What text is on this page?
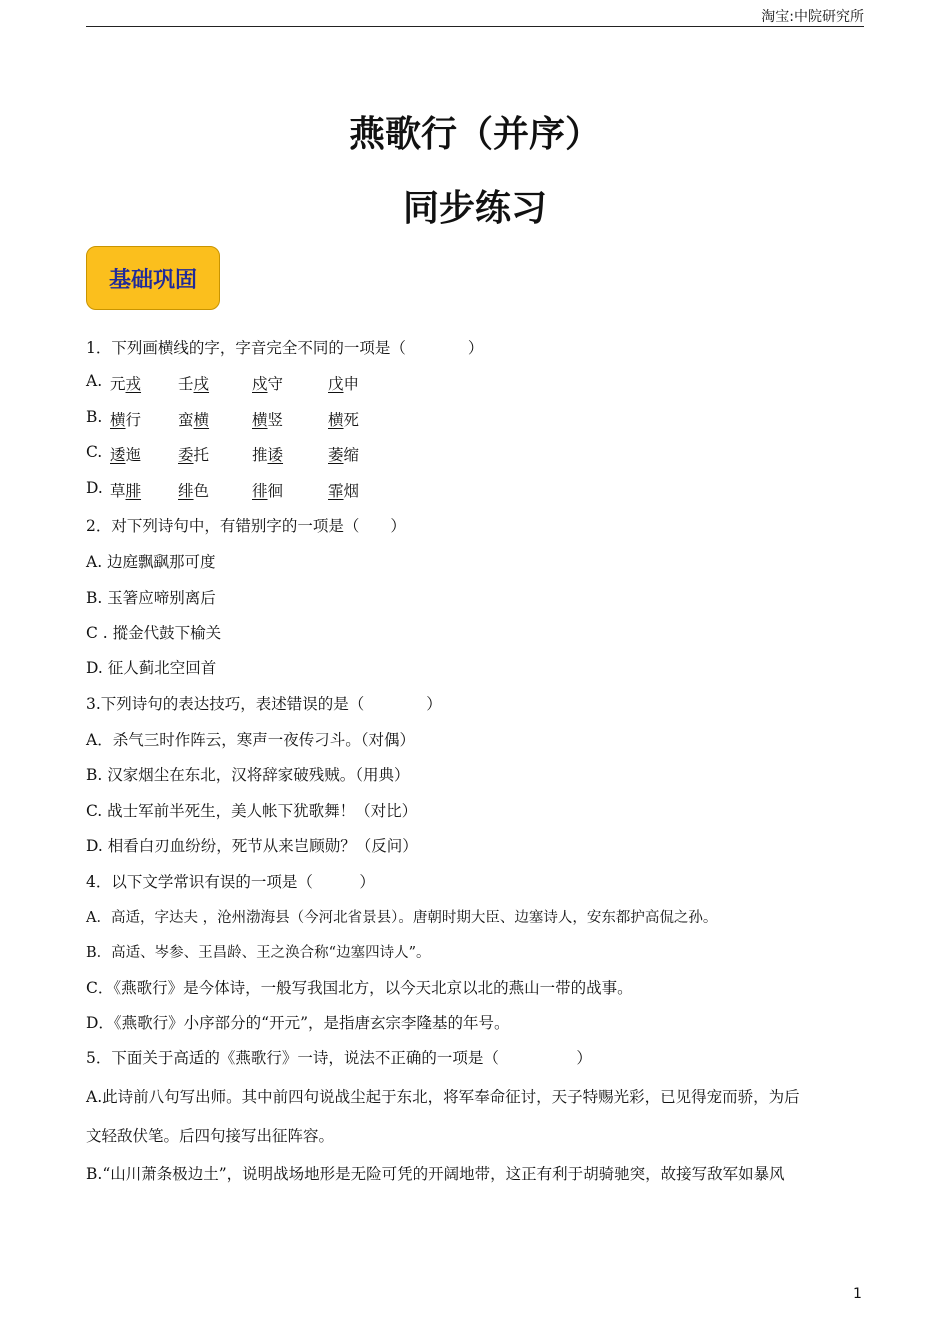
淘宝:中院研究所
燕歌行（并序）
同步练习
基础巩固
1．下列画横线的字，字音完全不同的一项是（　　　　）
A. 元戎 壬戌	戍守	戊申
B. 横行 蛮横	横竖	横死
C. 逶迤 委托	推诿	萎缩
D. 草腓 绯色	徘徊	霏烟
2．对下列诗句中，有错别字的一项是（　　）
A. 边庭飘飖那可度
B. 玉箸应啼别离后
C . 摐金代鼓下榆关
D. 征人蓟北空回首
3.下列诗句的表达技巧，表述错误的是（　　　　）
A．杀气三时作阵云，寒声一夜传刁斗。（对偶）
B. 汉家烟尘在东北，汉将辞家破残贼。（用典）
C. 战士军前半死生，美人帐下犹歌舞！（对比）
D. 相看白刃血纷纷，死节从来岂顾勋？（反问）
4．以下文学常识有误的一项是（　　　）
A．高适，字达夫 ，沧州渤海县（今河北省景县）。唐朝时期大臣、边塞诗人，安东都护高侃之孙。
B．高适、岑参、王昌龄、王之涣合称“边塞四诗人”。
C．《燕歌行》是今体诗，一般写我国北方，以今天北京以北的燕山一带的战事。
D．《燕歌行》小序部分的“开元”，是指唐玄宗李隆基的年号。
5．下面关于高适的《燕歌行》一诗，说法不正确的一项是（　　　　　）
A.此诗前八句写出师。其中前四句说战尘起于东北，将军奉命征讨，天子特赐光彩，已见得宠而骄，为后
文轻敌伏笔。后四句接写出征阵容。
B.“山川萧条极边土”，说明战场地形是无险可凭的开阔地带，这正有利于胡骑驰突，故接写敌军如暴风
1
